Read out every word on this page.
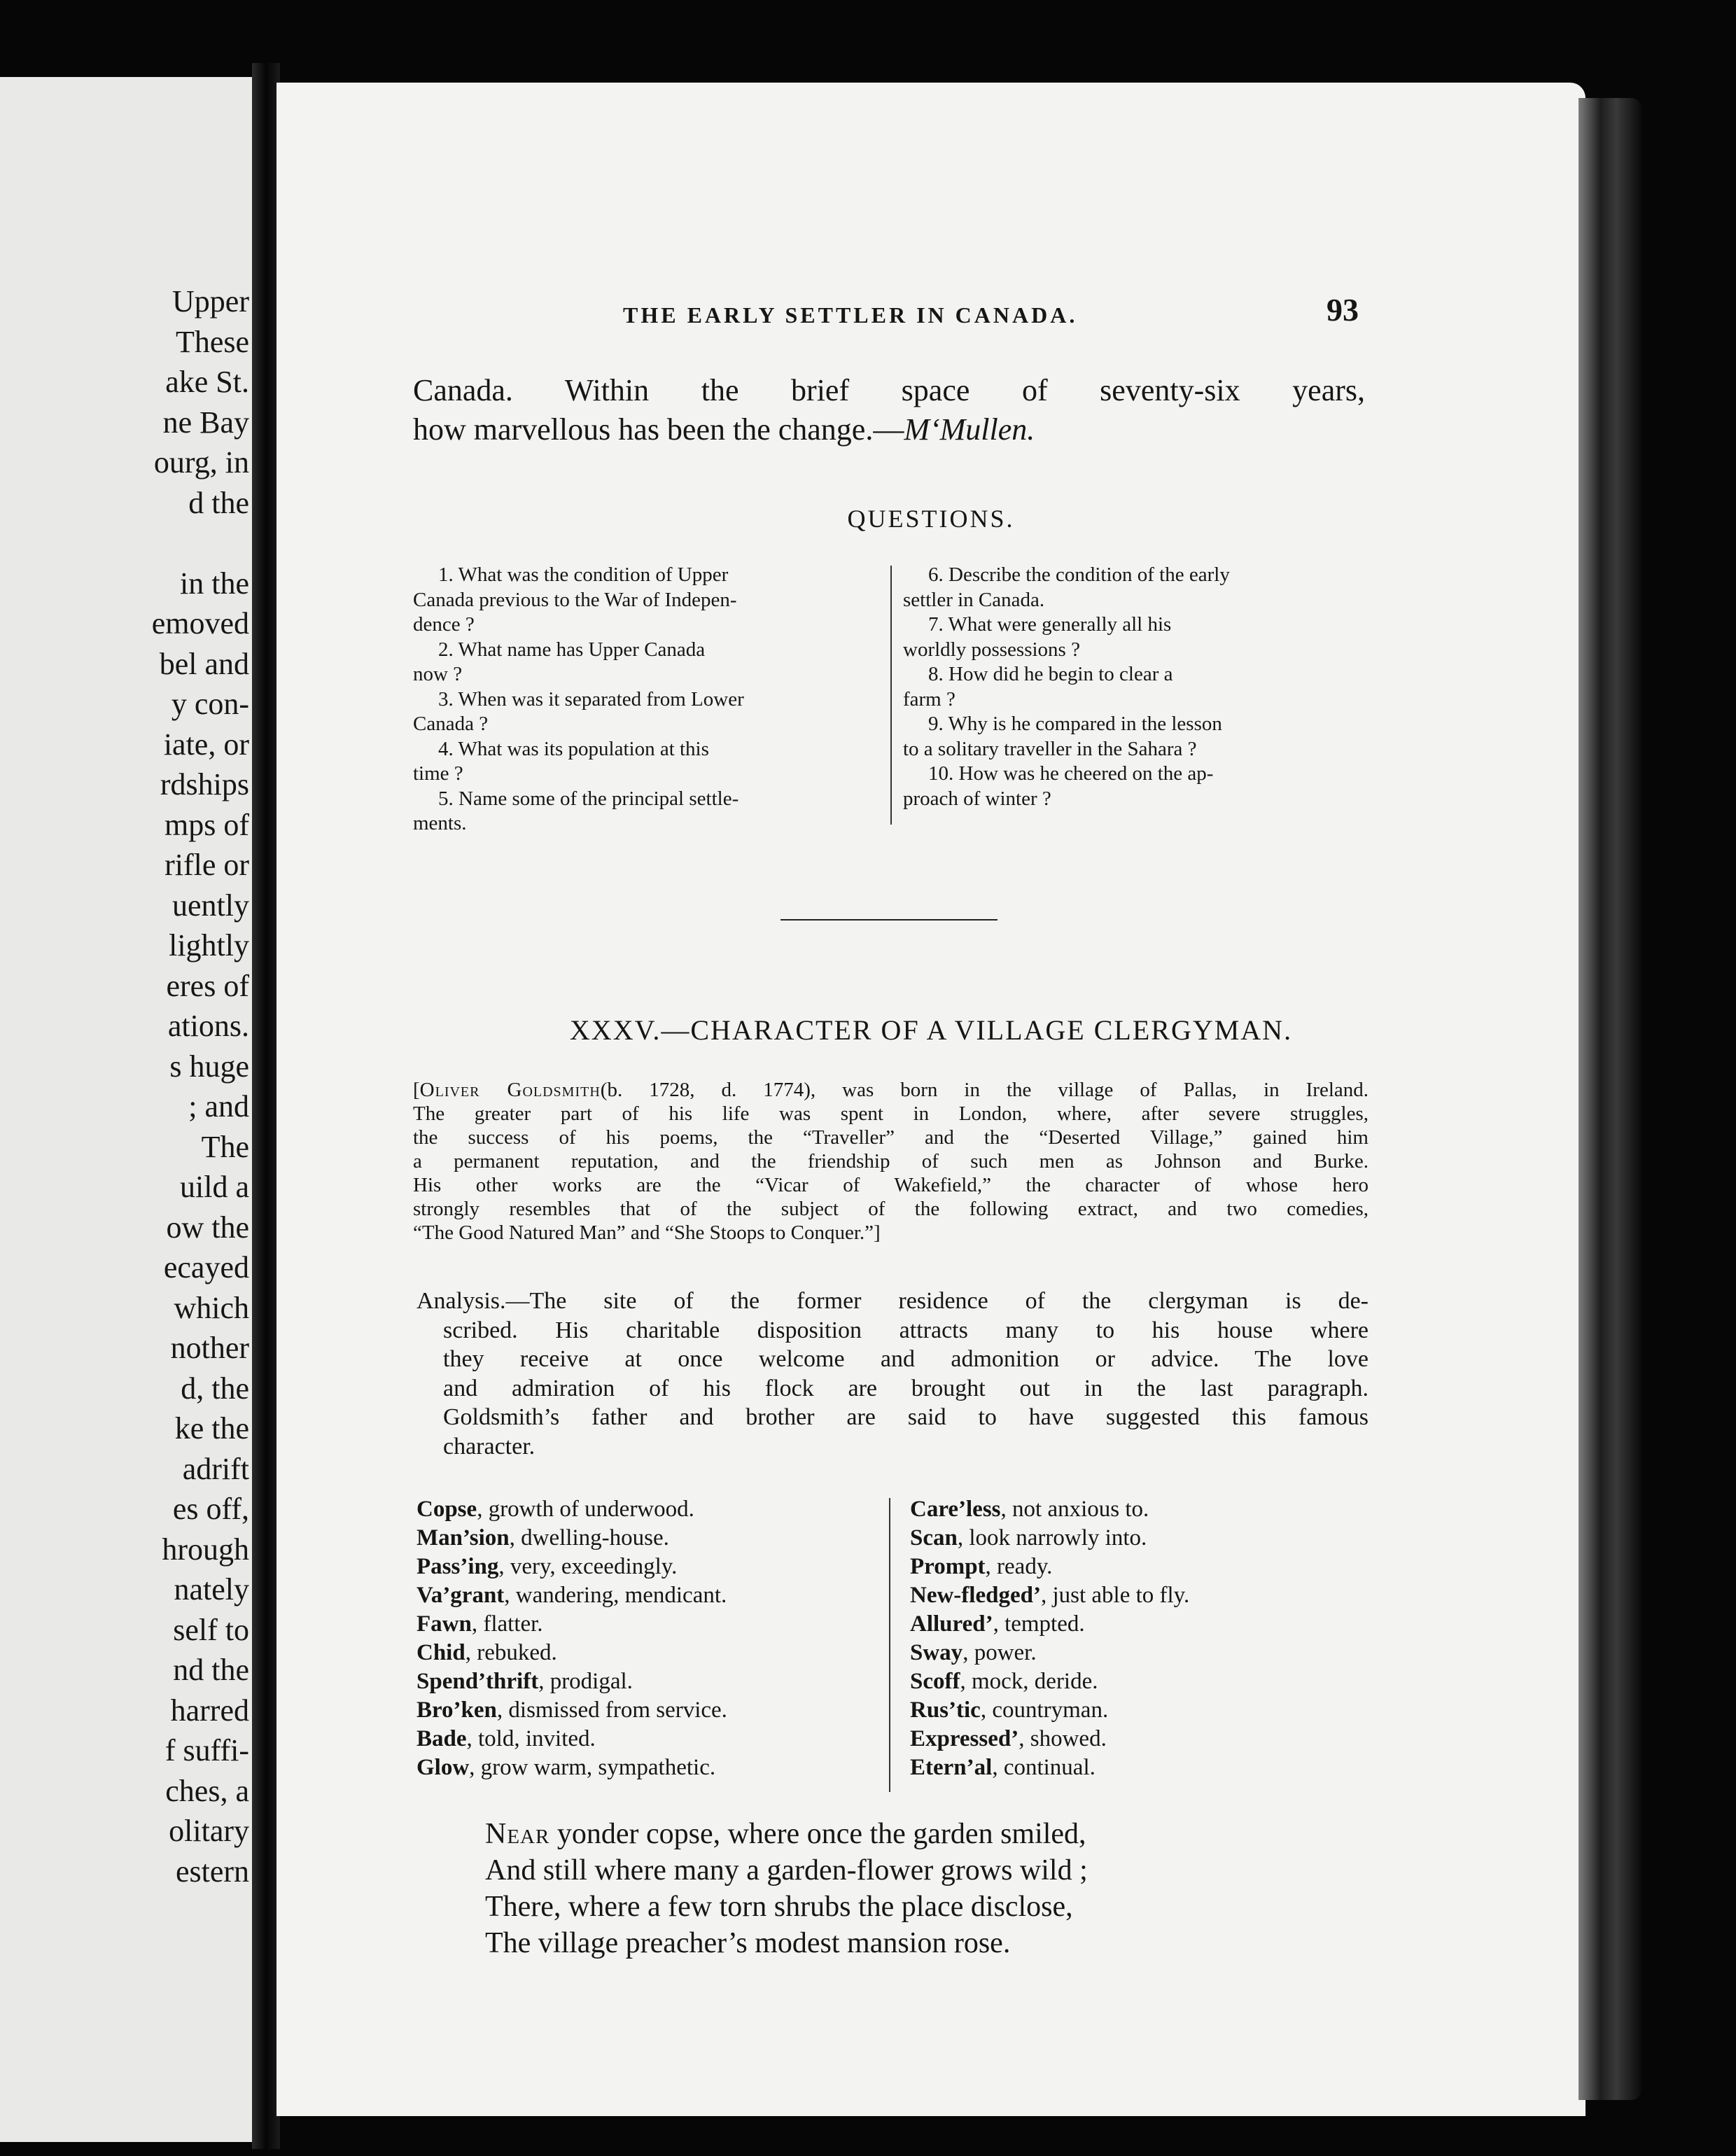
Upper
These
ake St.
ne Bay
ourg, in
d the
in the
emoved
bel and
y con-
iate, or
rdships
mps of
rifle or
uently
lightly
eres of
ations.
s huge
; and
The
uild a
ow the
ecayed
which
nother
d, the
ke the
adrift
es off,
hrough
nately
self to
nd the
harred
f suffi-
ches, a
olitary
estern
THE EARLY SETTLER IN CANADA.	93
Canada. Within the brief space of seventy-six years,
how marvellous has been the change.—M‘Mullen.
QUESTIONS.
1. What was the condition of Upper
Canada previous to the War of Indepen-
dence ?
2. What name has Upper Canada
now ?
3. When was it separated from Lower
Canada ?
4. What was its population at this
time ?
5. Name some of the principal settle-
ments.
6. Describe the condition of the early
settler in Canada.
7. What were generally all his
worldly possessions ?
8. How did he begin to clear a
farm ?
9. Why is he compared in the lesson
to a solitary traveller in the Sahara ?
10. How was he cheered on the ap-
proach of winter ?
XXXV.—CHARACTER OF A VILLAGE CLERGYMAN.
[Oliver Goldsmith(b. 1728, d. 1774), was born in the village of Pallas, in Ireland.
The greater part of his life was spent in London, where, after severe struggles,
the success of his poems, the “Traveller” and the “Deserted Village,” gained him
a permanent reputation, and the friendship of such men as Johnson and Burke.
His other works are the “Vicar of Wakefield,” the character of whose hero
strongly resembles that of the subject of the following extract, and two comedies,
“The Good Natured Man” and “She Stoops to Conquer.”]
Analysis.—The site of the former residence of the clergyman is de-
scribed. His charitable disposition attracts many to his house where
they receive at once welcome and admonition or advice. The love
and admiration of his flock are brought out in the last paragraph.
Goldsmith’s father and brother are said to have suggested this famous
character.
Copse, growth of underwood.
Man’sion, dwelling-house.
Pass’ing, very, exceedingly.
Va’grant, wandering, mendicant.
Fawn, flatter.
Chid, rebuked.
Spend’thrift, prodigal.
Bro’ken, dismissed from service.
Bade, told, invited.
Glow, grow warm, sympathetic.
Care’less, not anxious to.
Scan, look narrowly into.
Prompt, ready.
New-fledged’, just able to fly.
Allured’, tempted.
Sway, power.
Scoff, mock, deride.
Rus’tic, countryman.
Expressed’, showed.
Etern’al, continual.
Near yonder copse, where once the garden smiled,
And still where many a garden-flower grows wild ;
There, where a few torn shrubs the place disclose,
The village preacher’s modest mansion rose.
